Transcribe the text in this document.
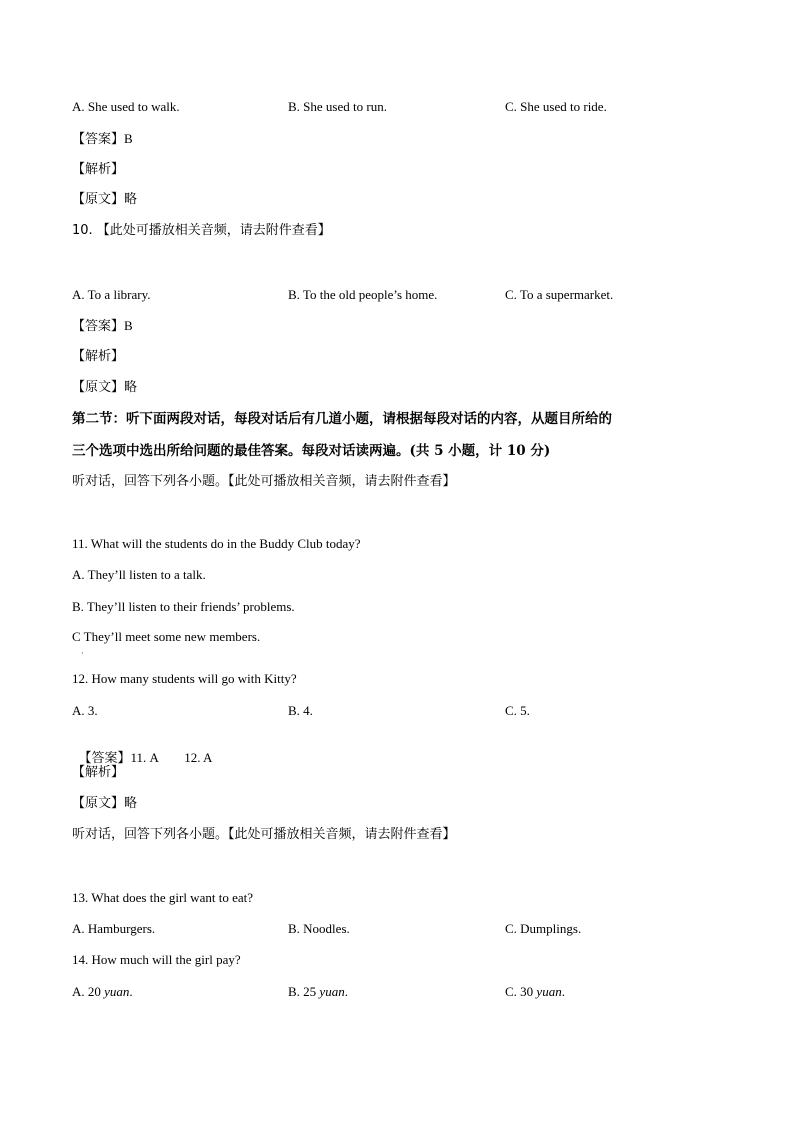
A. She used to walk.	B. She used to run.	C. She used to ride.
【答案】B
【解析】
【原文】略
10. 【此处可播放相关音频，请去附件查看】
A. To a library.	B. To the old people’s home.	C. To a supermarket.
【答案】B
【解析】
【原文】略
第二节：听下面两段对话，每段对话后有几道小题，请根据每段对话的内容，从题目所给的
三个选项中选出所给问题的最佳答案。每段对话读两遍。(共 5 小题，计 10 分)
听对话，回答下列各小题。【此处可播放相关音频，请去附件查看】
11. What will the students do in the Buddy Club today?
A. They’ll listen to a talk.
B. They’ll listen to their friends’ problems.
C They’ll meet some new members.
·
12. How many students will go with Kitty?
A. 3.	B. 4.	C. 5.

【答案】11. A        12. A

【解析】
【原文】略
听对话，回答下列各小题。【此处可播放相关音频，请去附件查看】
13. What does the girl want to eat?
A. Hamburgers.	B. Noodles.	C. Dumplings.
14. How much will the girl pay?
A. 20 yuan.	B. 25 yuan.	C. 30 yuan.
